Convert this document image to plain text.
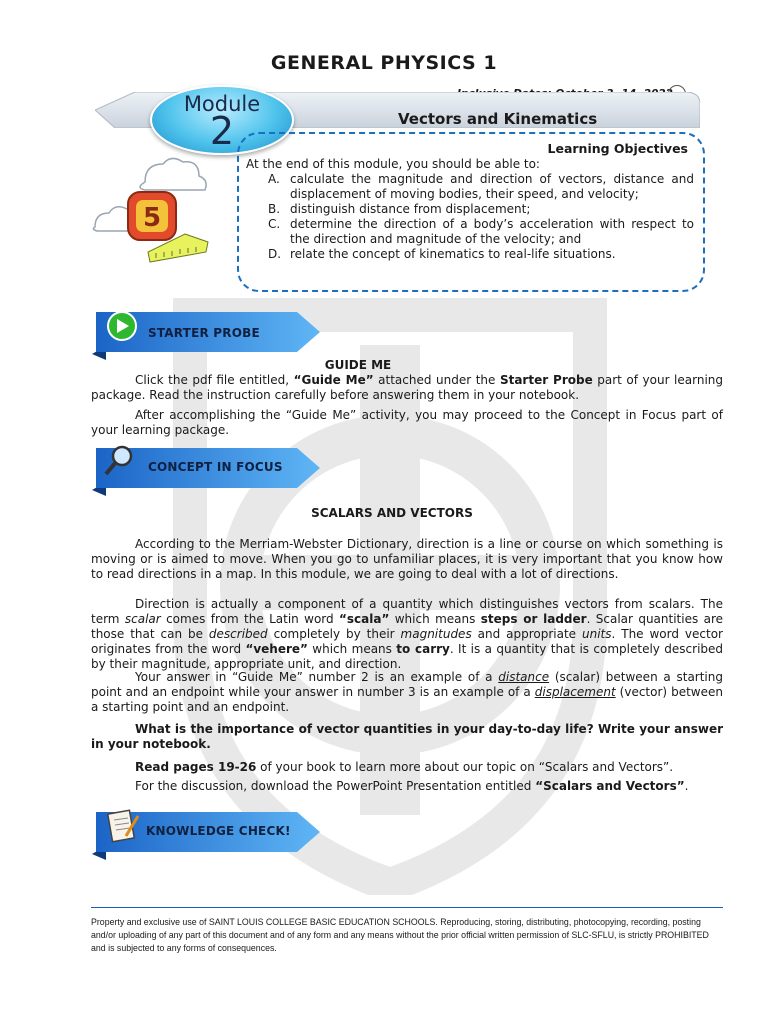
GENERAL PHYSICS 1
Module
2	Vectors and Kinematics
Learning Objectives
At the end of this module, you should be able to:
A. calculate the magnitude and direction of vectors, distance and displacement of moving bodies, their speed, and velocity;
B. distinguish distance from displacement;
C. determine the direction of a body’s acceleration with respect to the direction and magnitude of the velocity; and
D. relate the concept of kinematics to real-life situations.
5
STARTER PROBE
GUIDE ME
Click the pdf file entitled, “Guide Me” attached under the Starter Probe part of your learning package. Read the instruction carefully before answering them in your notebook.
After accomplishing the “Guide Me” activity, you may proceed to the Concept in Focus part of your learning package.
CONCEPT IN FOCUS
SCALARS AND VECTORS
According to the Merriam-Webster Dictionary, direction is a line or course on which something is moving or is aimed to move. When you go to unfamiliar places, it is very important that you know how to read directions in a map. In this module, we are going to deal with a lot of directions.
Direction is actually a component of a quantity which distinguishes vectors from scalars. The term scalar comes from the Latin word “scala” which means steps or ladder. Scalar quantities are those that can be described completely by their magnitudes and appropriate units. The word vector originates from the word “vehere” which means to carry. It is a quantity that is completely described by their magnitude, appropriate unit, and direction.
Your answer in “Guide Me” number 2 is an example of a distance (scalar) between a starting point and an endpoint while your answer in number 3 is an example of a displacement (vector) between a starting point and an endpoint.
What is the importance of vector quantities in your day-to-day life? Write your answer in your notebook.
Read pages 19-26 of your book to learn more about our topic on “Scalars and Vectors”.
For the discussion, download the PowerPoint Presentation entitled “Scalars and Vectors”.
KNOWLEDGE CHECK!
Property and exclusive use of SAINT LOUIS COLLEGE BASIC EDUCATION SCHOOLS. Reproducing, storing, distributing, photocopying, recording, posting and/or uploading of any part of this document and of any form and any means without the prior official written permission of SLC-SFLU, is strictly PROHIBITED and is subjected to any forms of consequences.
